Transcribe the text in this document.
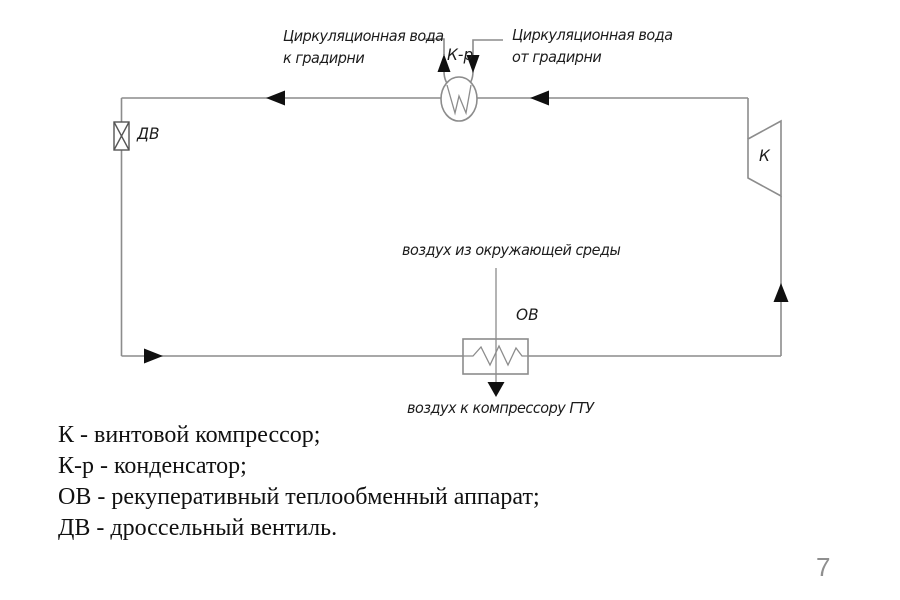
Циркуляционная вода
к градирни
Циркуляционная вода
от градирни
К-р
ДВ
К
ОВ
воздух из окружающей среды
воздух к компрессору ГТУ
К - винтовой компрессор;
К-р - конденсатор;
ОВ - рекуперативный теплообменный аппарат;
ДВ - дроссельный вентиль.
7
